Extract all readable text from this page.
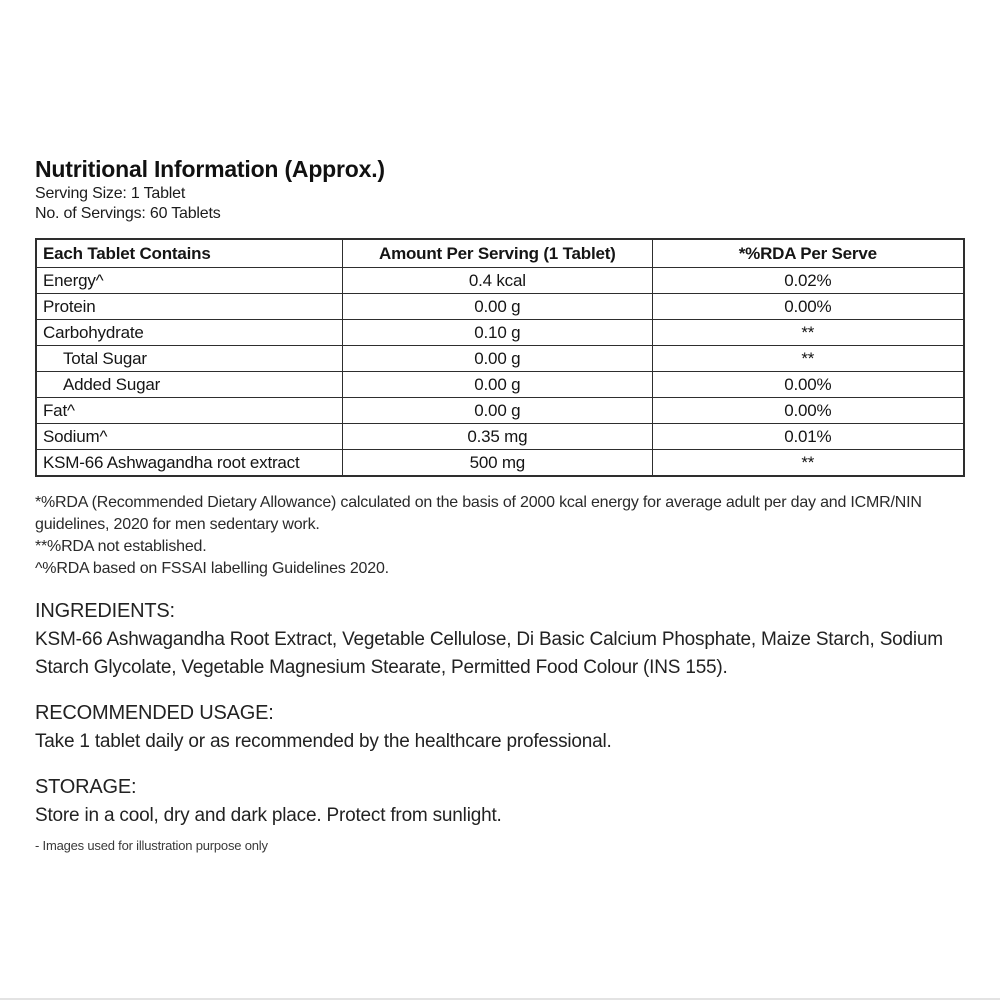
Nutritional Information (Approx.)

Serving Size: 1 Tablet

No. of Servings: 60 Tablets

Each Tablet Contains	Amount Per Serving (1 Tablet)	*%RDA Per Serve
Energy^	0.4 kcal	0.02%
Protein	0.00 g	0.00%
Carbohydrate	0.10 g	**
Total Sugar	0.00 g	**
Added Sugar	0.00 g	0.00%
Fat^	0.00 g	0.00%
Sodium^	0.35 mg	0.01%
KSM-66 Ashwagandha root extract	500 mg	**

*%RDA (Recommended Dietary Allowance) calculated on the basis of 2000 kcal energy for average adult per day and ICMR/NIN guidelines, 2020 for men sedentary work.

**%RDA not established.

^%RDA based on FSSAI labelling Guidelines 2020.

INGREDIENTS:

KSM-66 Ashwagandha Root Extract, Vegetable Cellulose, Di Basic Calcium Phosphate, Maize Starch, Sodium Starch Glycolate, Vegetable Magnesium Stearate, Permitted Food Colour (INS 155).

RECOMMENDED USAGE:

Take 1 tablet daily or as recommended by the healthcare professional.

STORAGE:

Store in a cool, dry and dark place. Protect from sunlight.

- Images used for illustration purpose only
